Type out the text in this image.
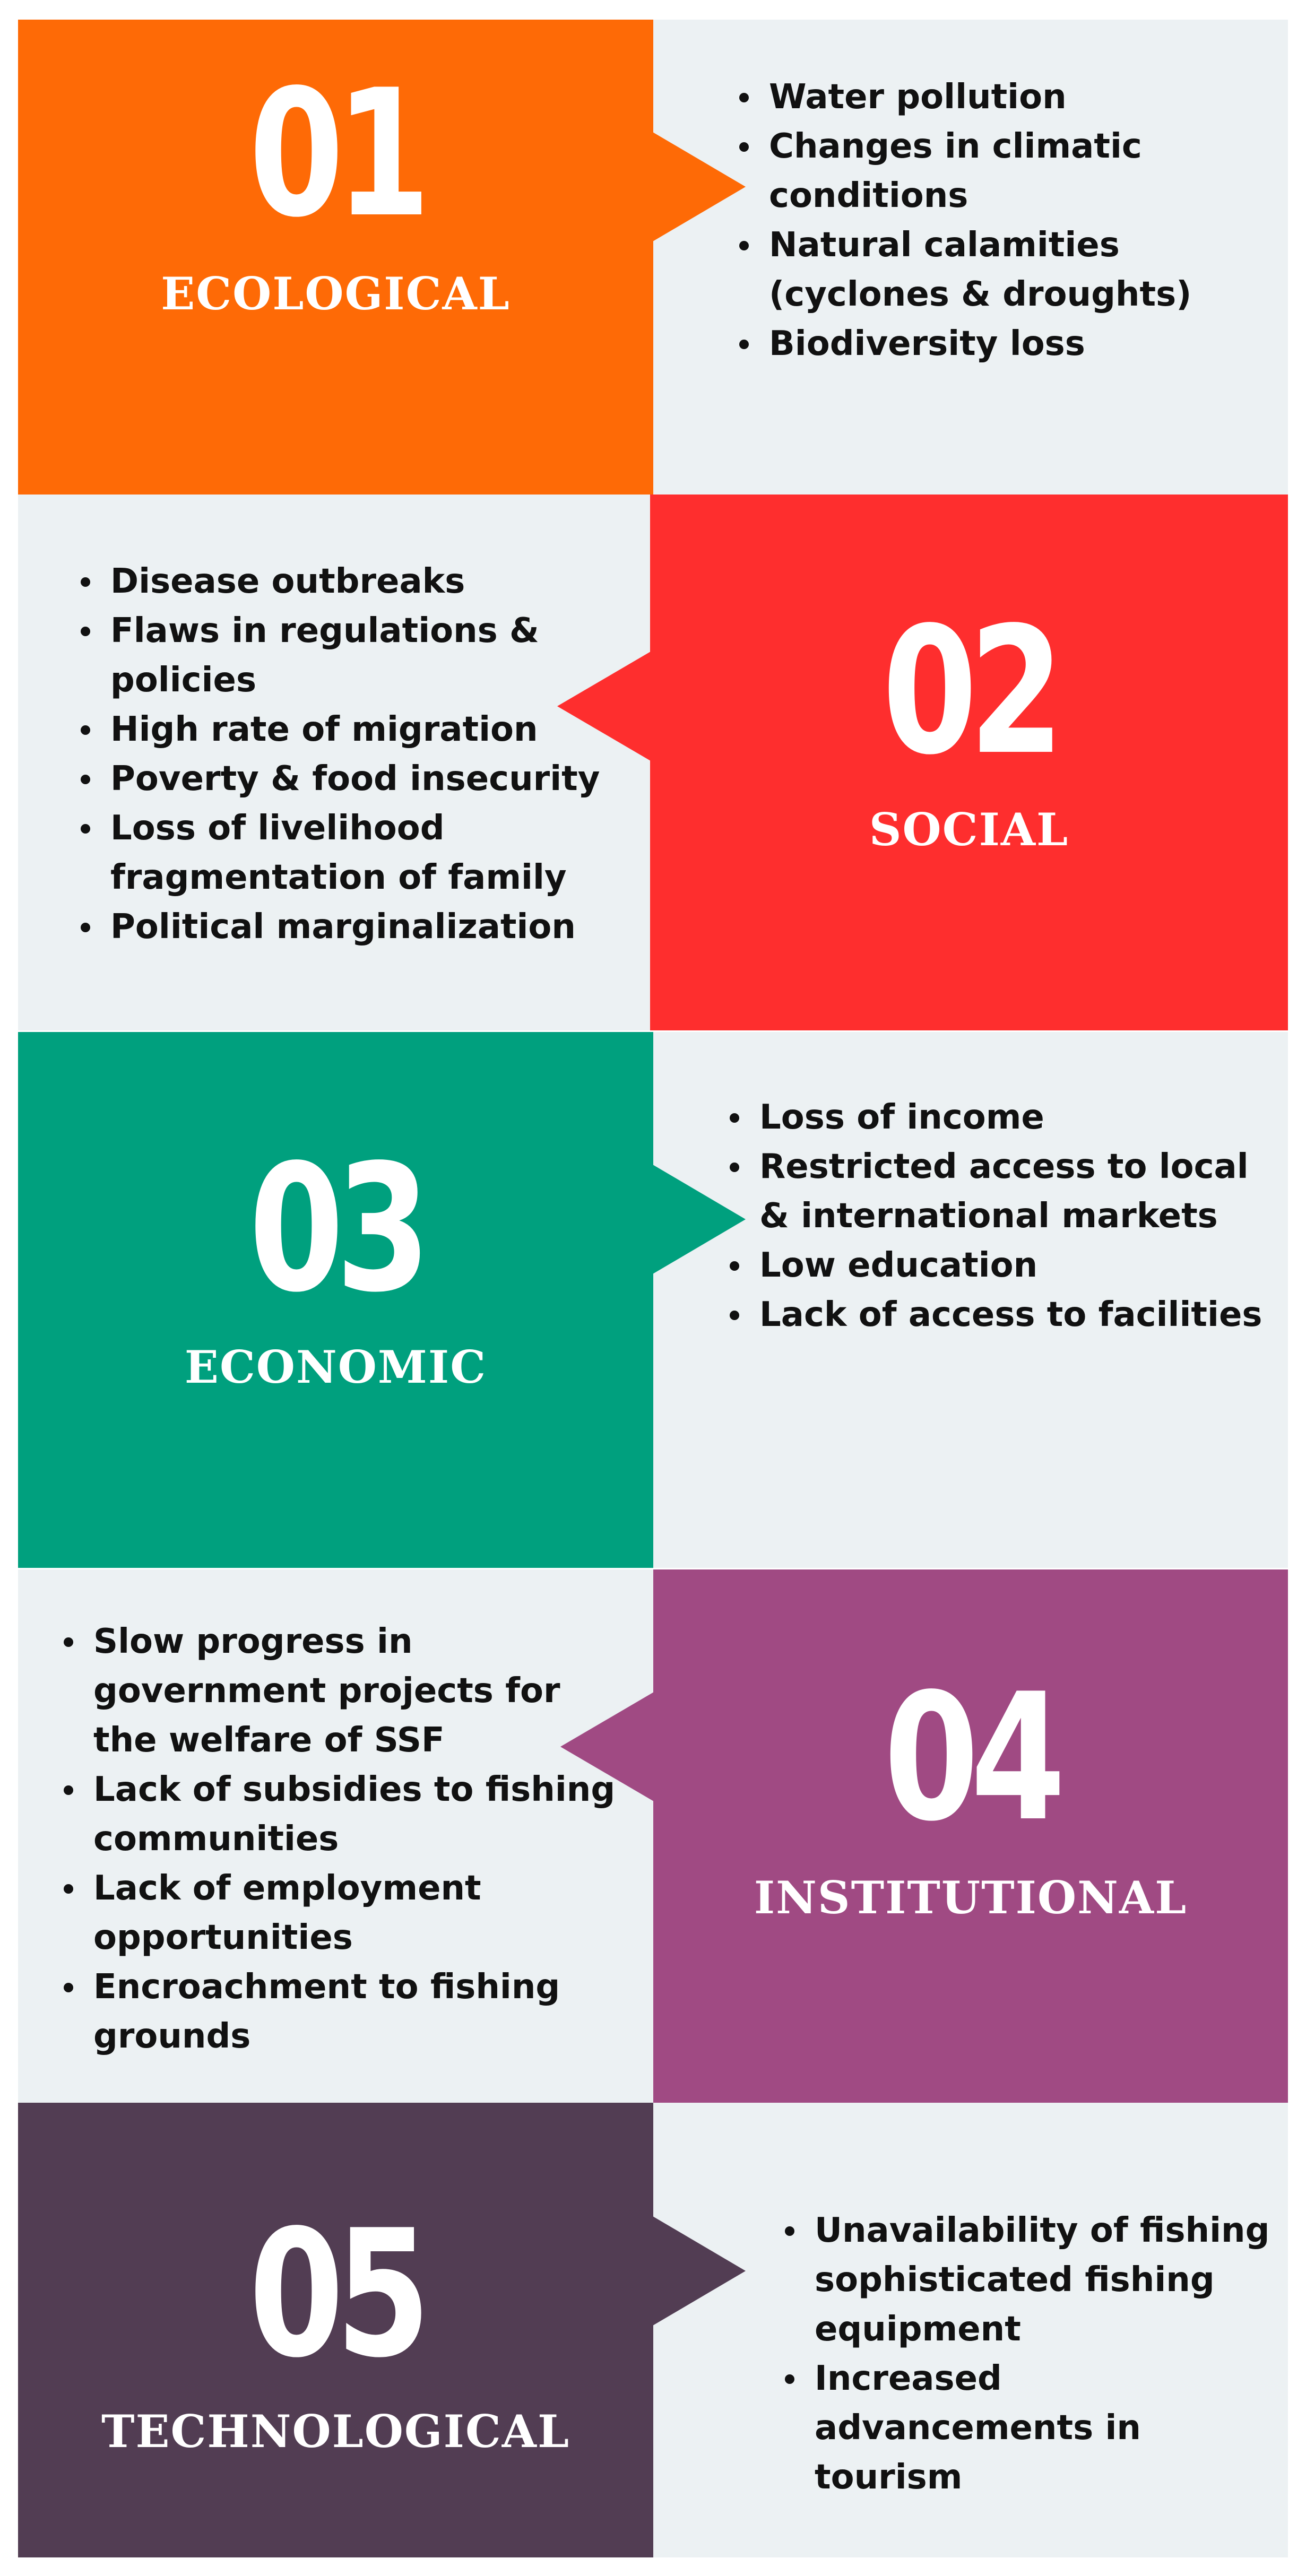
01
ECOLOGICAL
Water pollution
Changes in climatic conditions
Natural calamities (cyclones & droughts)
Biodiversity loss
Disease outbreaks
Flaws in regulations & policies
High rate of migration
Poverty & food insecurity
Loss of livelihood fragmentation of family
Political marginalization
02
SOCIAL
03
ECONOMIC
Loss of income
Restricted access to local & international markets
Low education
Lack of access to facilities
Slow progress in government projects for the welfare of SSF
Lack of subsidies to fishing communities
Lack of employment opportunities
Encroachment to fishing grounds
04
INSTITUTIONAL
05
TECHNOLOGICAL
Unavailability of fishing sophisticated fishing equipment
Increased advancements in tourism
